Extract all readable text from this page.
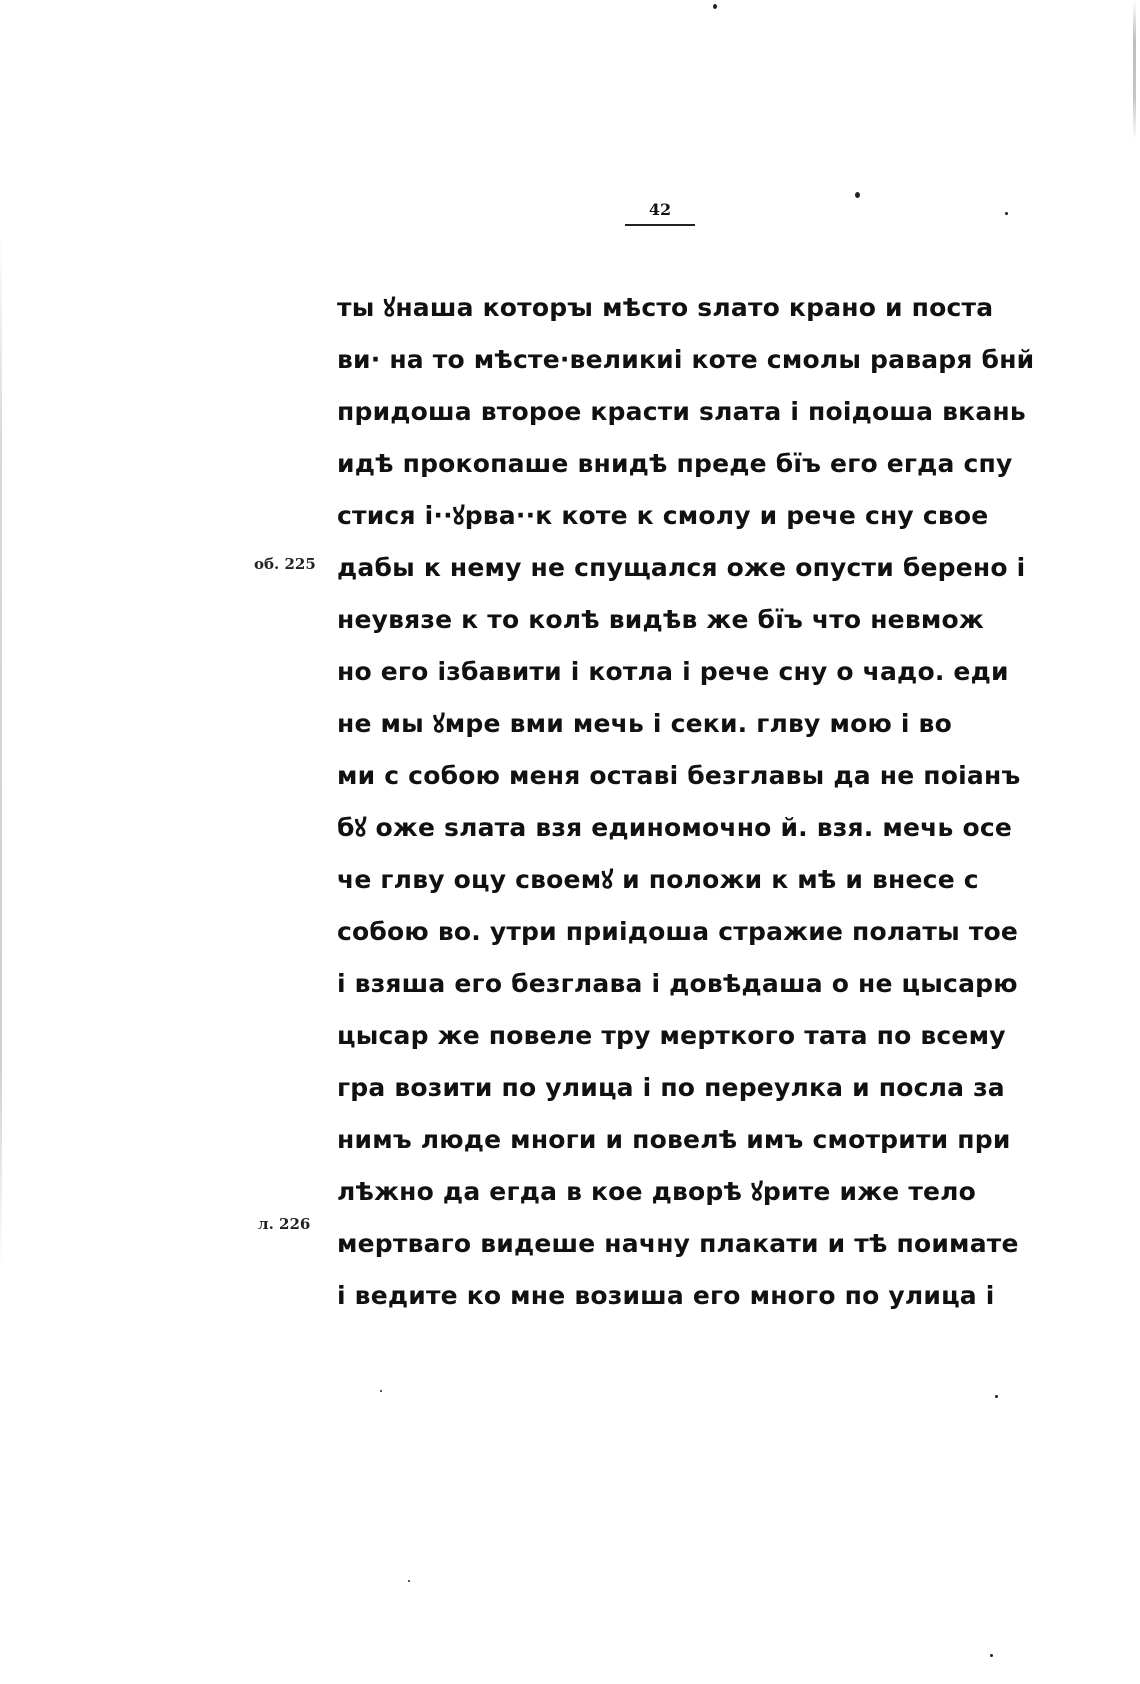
42
об. 225
л. 226
ты ꙋнаша которꙑ мѣсто ѕлато крано и поста
ви· на то мѣсте·великиі коте смолы раваря бнй
придоша второе красти ѕлата і поідоша вкань
идѣ прокопаше внидѣ преде бїъ его егда спу
стися і··ꙋрва··к коте к смолу и рече сну свое
дабы к нему не спущался оже опусти берено і
неувязе к то колѣ видѣв же бїъ что невмож
но его ізбавити і котла і рече сну о чадо. еди
не мы ꙋмре вми мечь і секи. глву мою і во
ми с собою меня оставі безглавы да не поіанъ
бꙋ оже ѕлата взя единомочно й. взя. мечь осе
че глву оцу своемꙋ и положи к мѣ и внесе с
собою во. утри приідоша стражие полаты тое
і взяша его безглава і довѣдаша о не цысарю
цысар же повеле тру мерткого тата по всему
гра возити по улица і по переулка и посла за
нимъ люде многи и повелѣ имъ смотрити при
лѣжно да егда в кое дворѣ ꙋрите иже тело
мертваго видеше начну плакати и тѣ поимате
і ведите ко мне возиша его много по улица і
